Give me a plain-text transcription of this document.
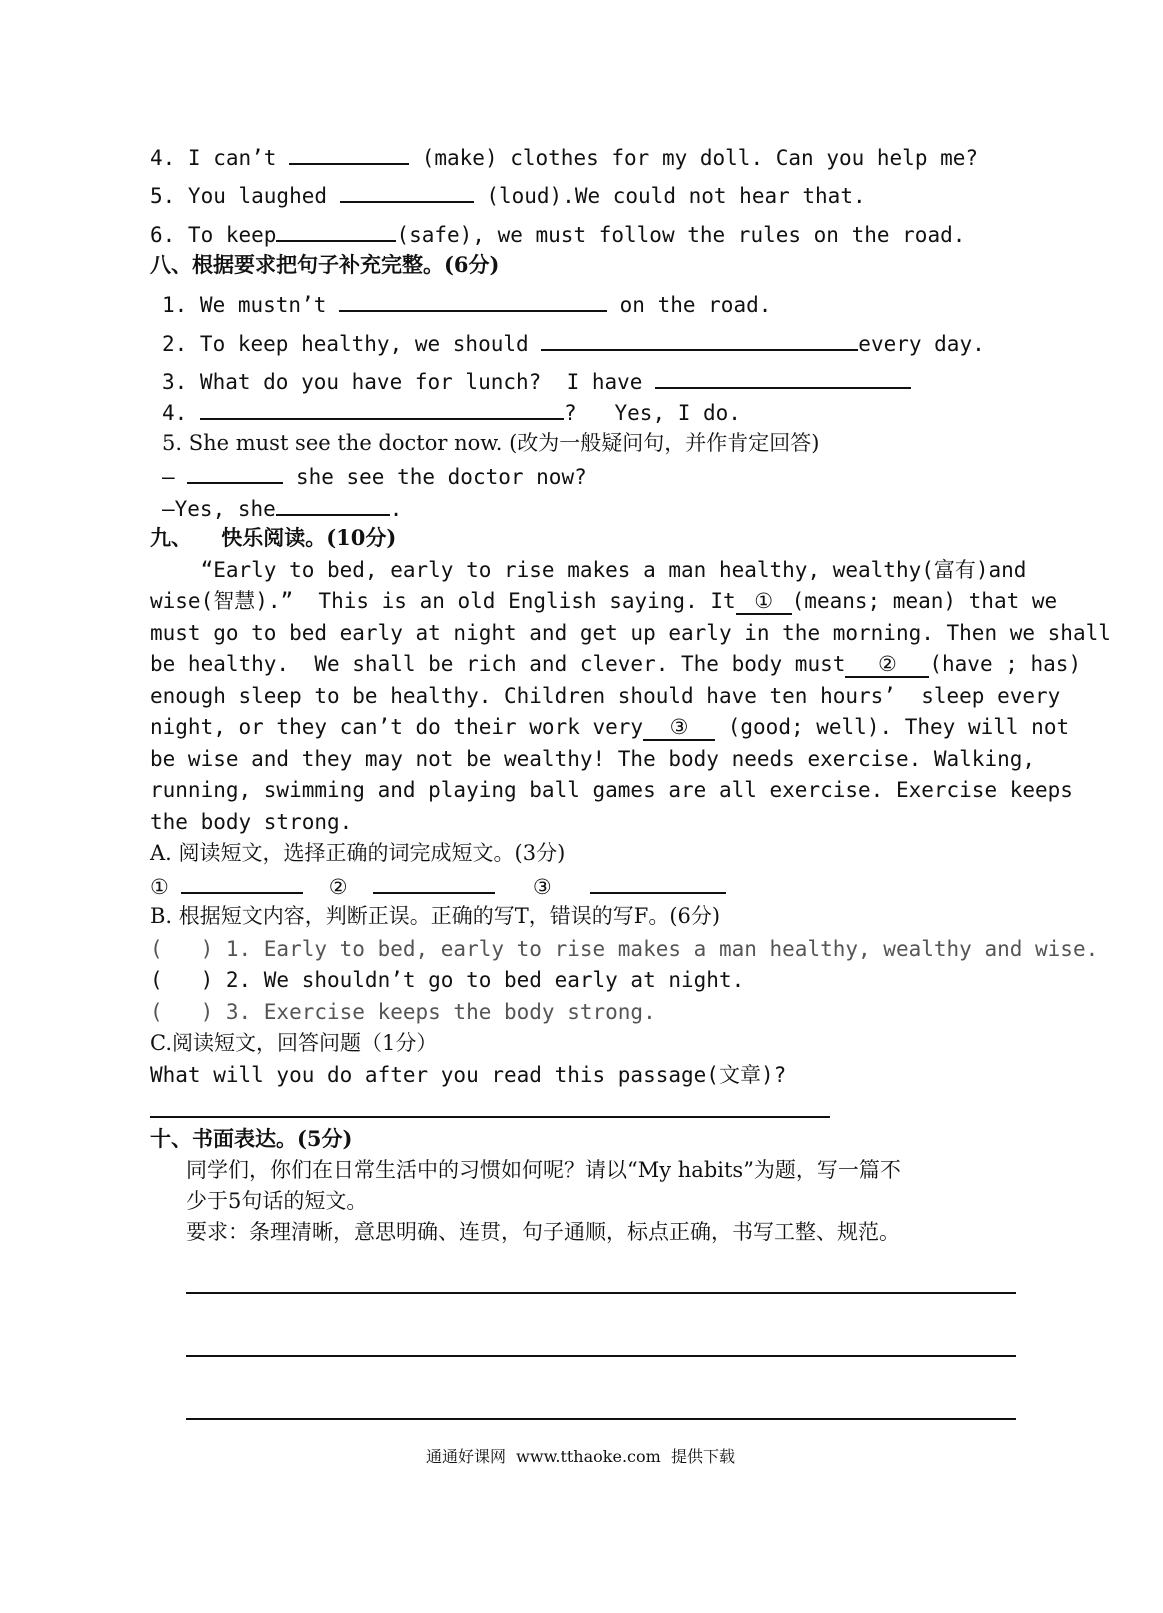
4. I can’t	(make) clothes for my doll. Can you help me?
5. You laughed	(loud).We could not hear that.
6. To keep	(safe), we must follow the rules on the road.
八、根据要求把句子补充完整。(6分)
1. We mustn’t	on the road.
2. To keep healthy, we should	every day.
3. What do you have for lunch?  I have
4.	?   Yes, I do.
5. She must see the doctor now. (改为一般疑问句，并作肯定回答)
—	she see the doctor now?
—Yes, she	.
九、    快乐阅读。(10分)
“Early to bed, early to rise makes a man healthy, wealthy(富有)and
wise(智慧).”  This is an old English saying. It ① (means; mean) that we
must go to bed early at night and get up early in the morning. Then we shall
be healthy.  We shall be rich and clever. The body must ② (have ; has)
enough sleep to be healthy. Children should have ten hours’  sleep every
night, or they can’t do their work very ③ (good; well). They will not
be wise and they may not be wealthy! The body needs exercise. Walking,
running, swimming and playing ball games are all exercise. Exercise keeps
the body strong.
A. 阅读短文，选择正确的词完成短文。(3分)
①	②	③
B. 根据短文内容，判断正误。正确的写T，错误的写F。(6分)
(   ) 1. Early to bed, early to rise makes a man healthy, wealthy and wise.
(   ) 2. We shouldn’t go to bed early at night.
(   ) 3. Exercise keeps the body strong.
C.阅读短文，回答问题（1分）
What will you do after you read this passage(文章)?
十、书面表达。(5分)
同学们，你们在日常生活中的习惯如何呢？请以“My habits”为题，写一篇不
少于5句话的短文。
要求：条理清晰，意思明确、连贯，句子通顺，标点正确，书写工整、规范。
通通好课网  www.tthaoke.com  提供下载
